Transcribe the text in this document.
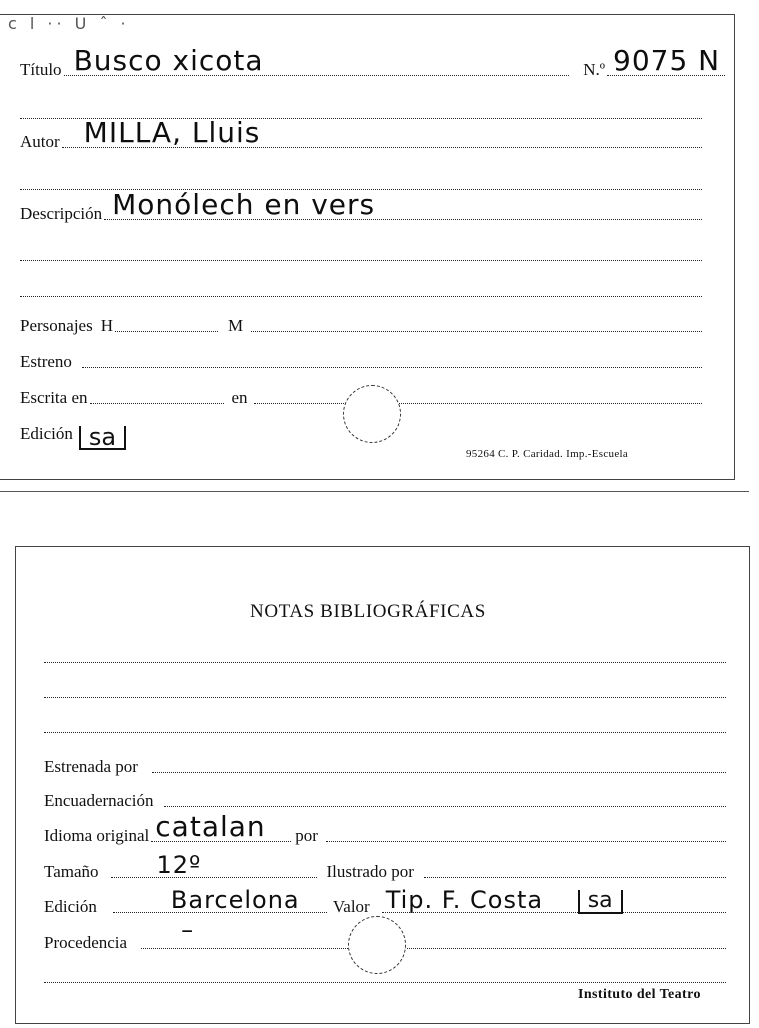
c l ·· U ˆ ·
Título Busco xicota	N.º 9075 N
Autor MILLA, Lluis
Descripción Monólech en vers
Personajes H	M
Estreno
Escrita en	en
Edición sa
95264 C. P. Caridad. Imp.-Escuela
NOTAS BIBLIOGRÁFICAS
Estrenada por
Encuadernación
Idioma original catalan por
Tamaño 12º	Ilustrado por
Edición	Barcelona Valor Tip. F. Costa	sa
Procedencia –
Instituto del Teatro
